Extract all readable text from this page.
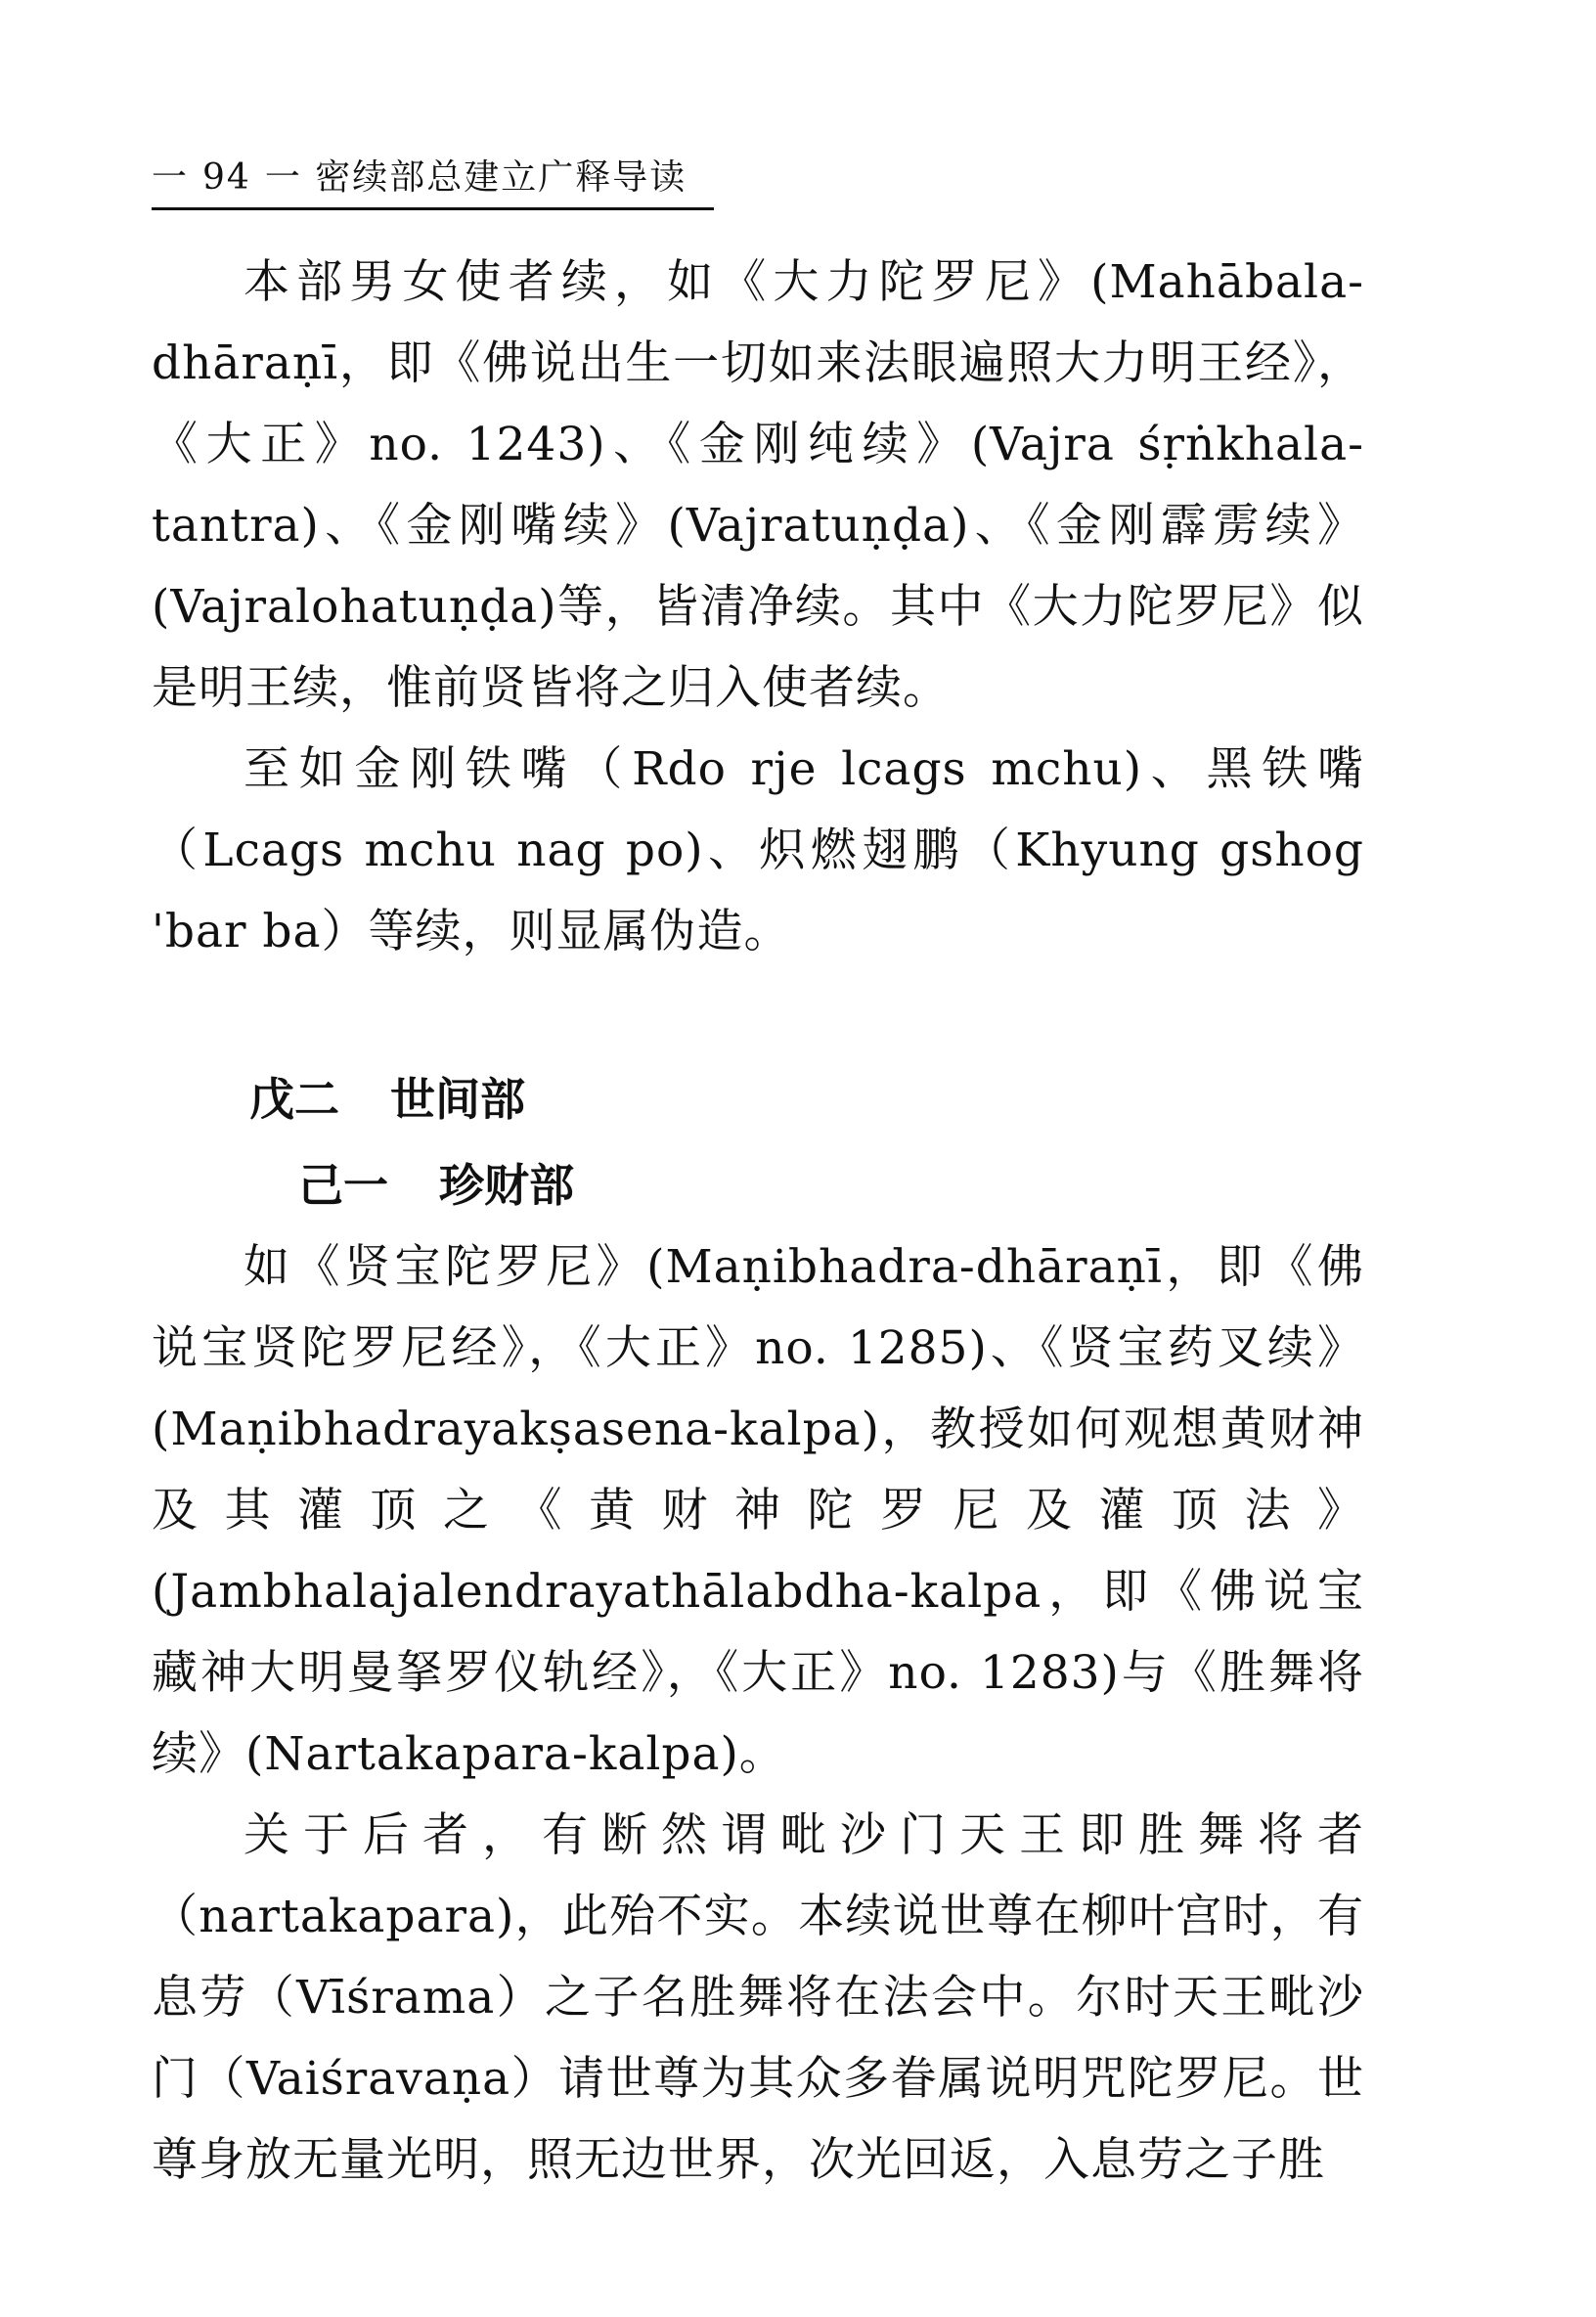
一 94 一 密续部总建立广释导读

本部男女使者续，如《大力陀罗尼》(Mahābala-dhāraṇī，即《佛说出生一切如来法眼遍照大力明王经》，《大正》no. 1243)、《金刚纯续》(Vajra śṛṅkhala-tantra)、《金刚嘴续》(Vajratuṇḍa)、《金刚霹雳续》(Vajralohatuṇḍa)等，皆清净续。其中《大力陀罗尼》似是明王续，惟前贤皆将之归入使者续。

至如金刚铁嘴（Rdo rje lcags mchu)、黑铁嘴（Lcags mchu nag po)、炽燃翅鹏（Khyung gshog 'bar ba）等续，则显属伪造。

戊二 世间部
己一 珍财部

如《贤宝陀罗尼》(Maṇibhadra-dhāraṇī，即《佛说宝贤陀罗尼经》，《大正》no. 1285)、《贤宝药叉续》(Maṇibhadrayakṣasena-kalpa)，教授如何观想黄财神及其灌顶之《黄财神陀罗尼及灌顶法》(Jambhalajalendrayathālabdha-kalpa，即《佛说宝藏神大明曼拏罗仪轨经》，《大正》no. 1283)与《胜舞将续》(Nartakapara-kalpa)。

关于后者，有断然谓毗沙门天王即胜舞将者（nartakapara)，此殆不实。本续说世尊在柳叶宫时，有息劳（Vīśrama）之子名胜舞将在法会中。尔时天王毗沙门（Vaiśravaṇa）请世尊为其众多眷属说明咒陀罗尼。世尊身放无量光明，照无边世界，次光回返，入息劳之子胜
